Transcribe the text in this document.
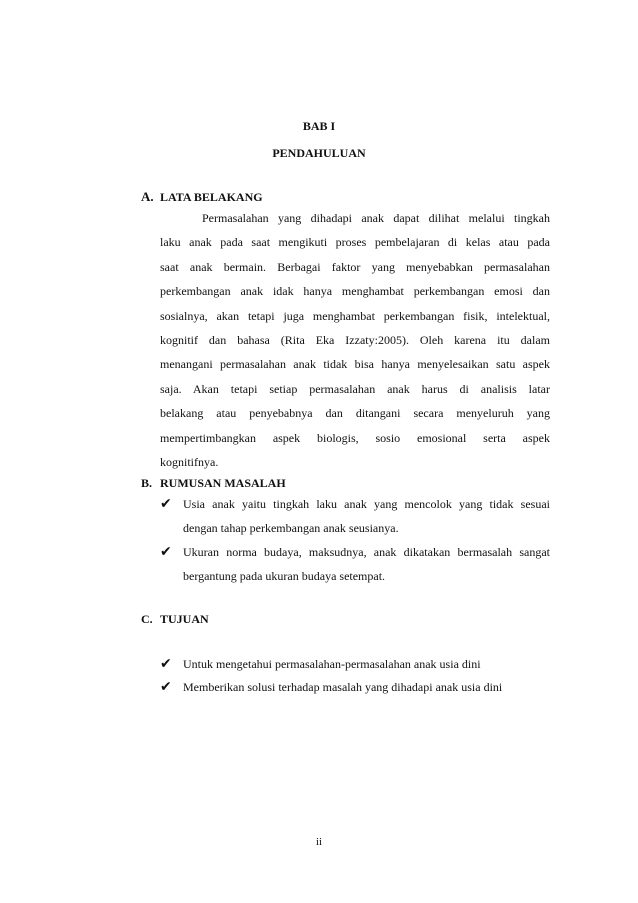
BAB I
PENDAHULUAN
A. LATA BELAKANG
Permasalahan yang dihadapi anak dapat dilihat melalui tingkah
laku anak pada saat mengikuti proses pembelajaran di kelas atau pada
saat anak bermain. Berbagai faktor yang menyebabkan permasalahan
perkembangan anak idak hanya menghambat perkembangan emosi dan
sosialnya, akan tetapi juga menghambat perkembangan fisik, intelektual,
kognitif dan bahasa (Rita Eka Izzaty:2005). Oleh karena itu dalam
menangani permasalahan anak tidak bisa hanya menyelesaikan satu aspek
saja. Akan tetapi setiap permasalahan anak harus di analisis latar
belakang atau penyebabnya dan ditangani secara menyeluruh yang
mempertimbangkan aspek biologis, sosio emosional serta aspek
kognitifnya.
B. RUMUSAN MASALAH
✔ Usia anak yaitu tingkah laku anak yang mencolok yang tidak sesuai
dengan tahap perkembangan anak seusianya.
✔ Ukuran norma budaya, maksudnya, anak dikatakan bermasalah sangat
bergantung pada ukuran budaya setempat.
C. TUJUAN
✔ Untuk mengetahui permasalahan-permasalahan anak usia dini
✔ Memberikan solusi terhadap masalah yang dihadapi anak usia dini
ii
